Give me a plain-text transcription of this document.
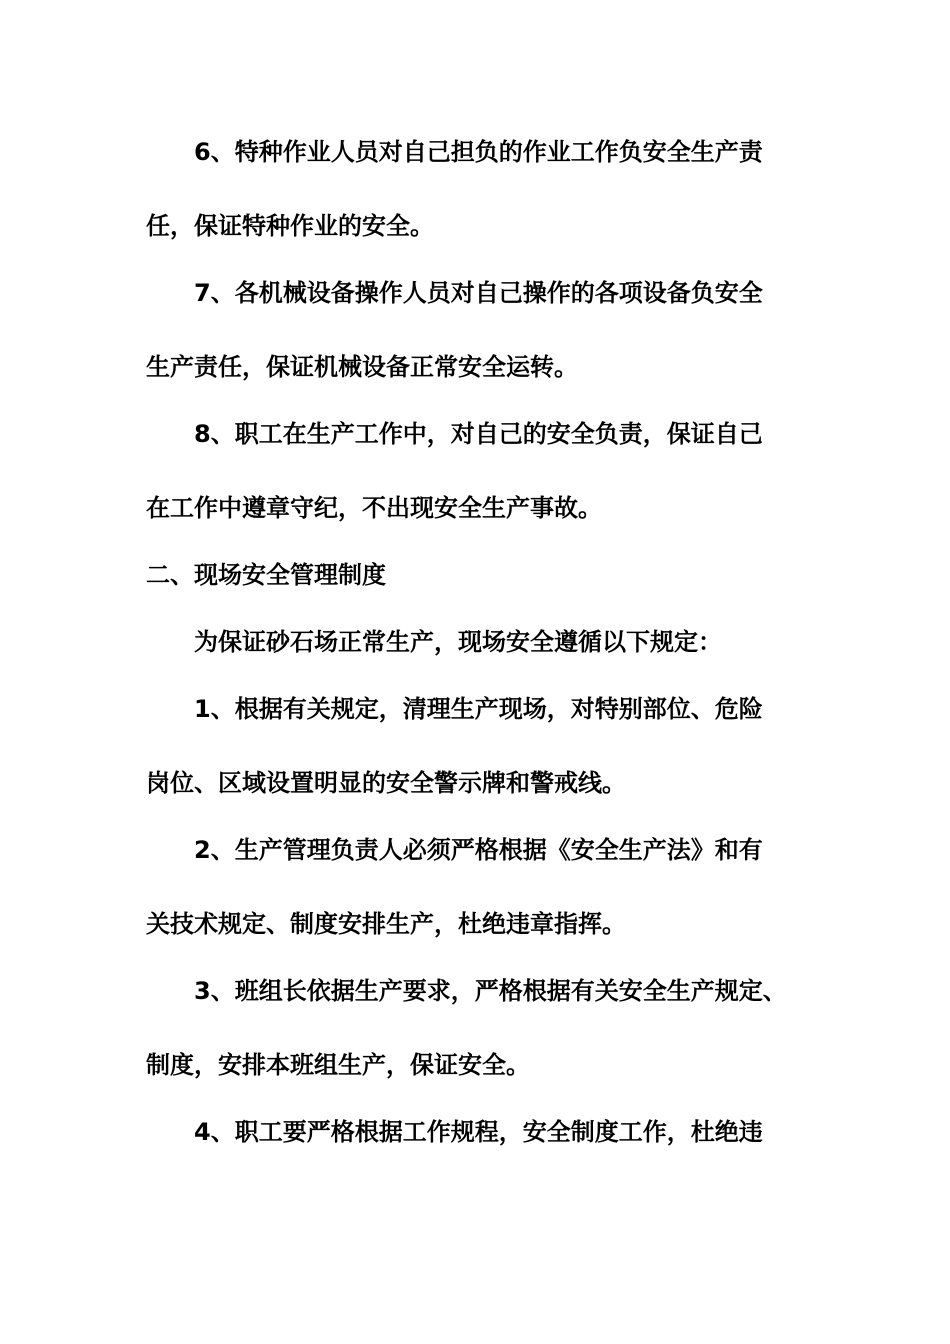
6、特种作业人员对自己担负的作业工作负安全生产责
任，保证特种作业的安全。
7、各机械设备操作人员对自己操作的各项设备负安全
生产责任，保证机械设备正常安全运转。
8、职工在生产工作中，对自己的安全负责，保证自己
在工作中遵章守纪，不出现安全生产事故。
二、现场安全管理制度
为保证砂石场正常生产，现场安全遵循以下规定：
1、根据有关规定，清理生产现场，对特别部位、危险
岗位、区域设置明显的安全警示牌和警戒线。
2、生产管理负责人必须严格根据《安全生产法》和有
关技术规定、制度安排生产，杜绝违章指挥。
3、班组长依据生产要求，严格根据有关安全生产规定、
制度，安排本班组生产，保证安全。
4、职工要严格根据工作规程，安全制度工作，杜绝违
